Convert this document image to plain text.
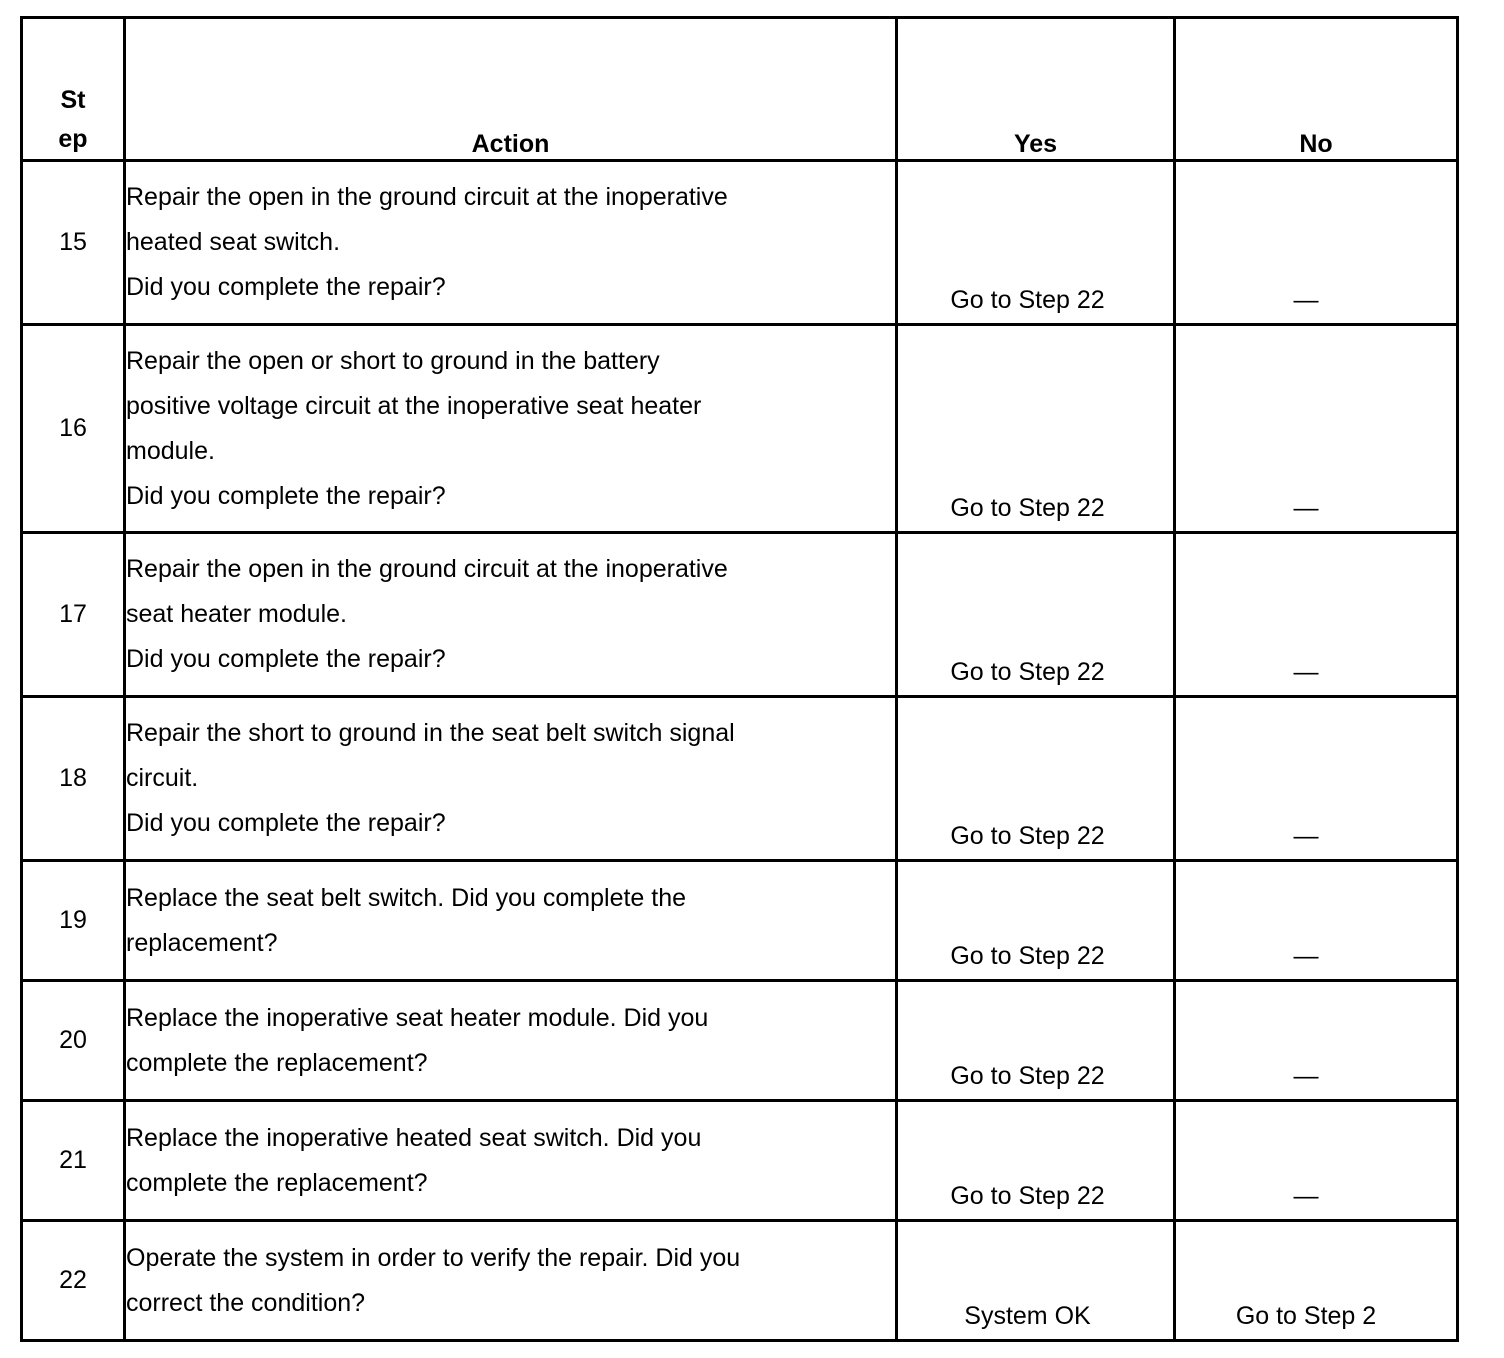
St
ep	Action	Yes	No
15	Repair the open in the ground circuit at the inoperative
heated seat switch.
Did you complete the repair?	Go to Step 22	—
16	Repair the open or short to ground in the battery
positive voltage circuit at the inoperative seat heater
module.
Did you complete the repair?	Go to Step 22	—
17	Repair the open in the ground circuit at the inoperative
seat heater module.
Did you complete the repair?	Go to Step 22	—
18	Repair the short to ground in the seat belt switch signal
circuit.
Did you complete the repair?	Go to Step 22	—
19	Replace the seat belt switch. Did you complete the
replacement?	Go to Step 22	—
20	Replace the inoperative seat heater module. Did you
complete the replacement?	Go to Step 22	—
21	Replace the inoperative heated seat switch. Did you
complete the replacement?	Go to Step 22	—
22	Operate the system in order to verify the repair. Did you
correct the condition?	System OK	Go to Step 2
